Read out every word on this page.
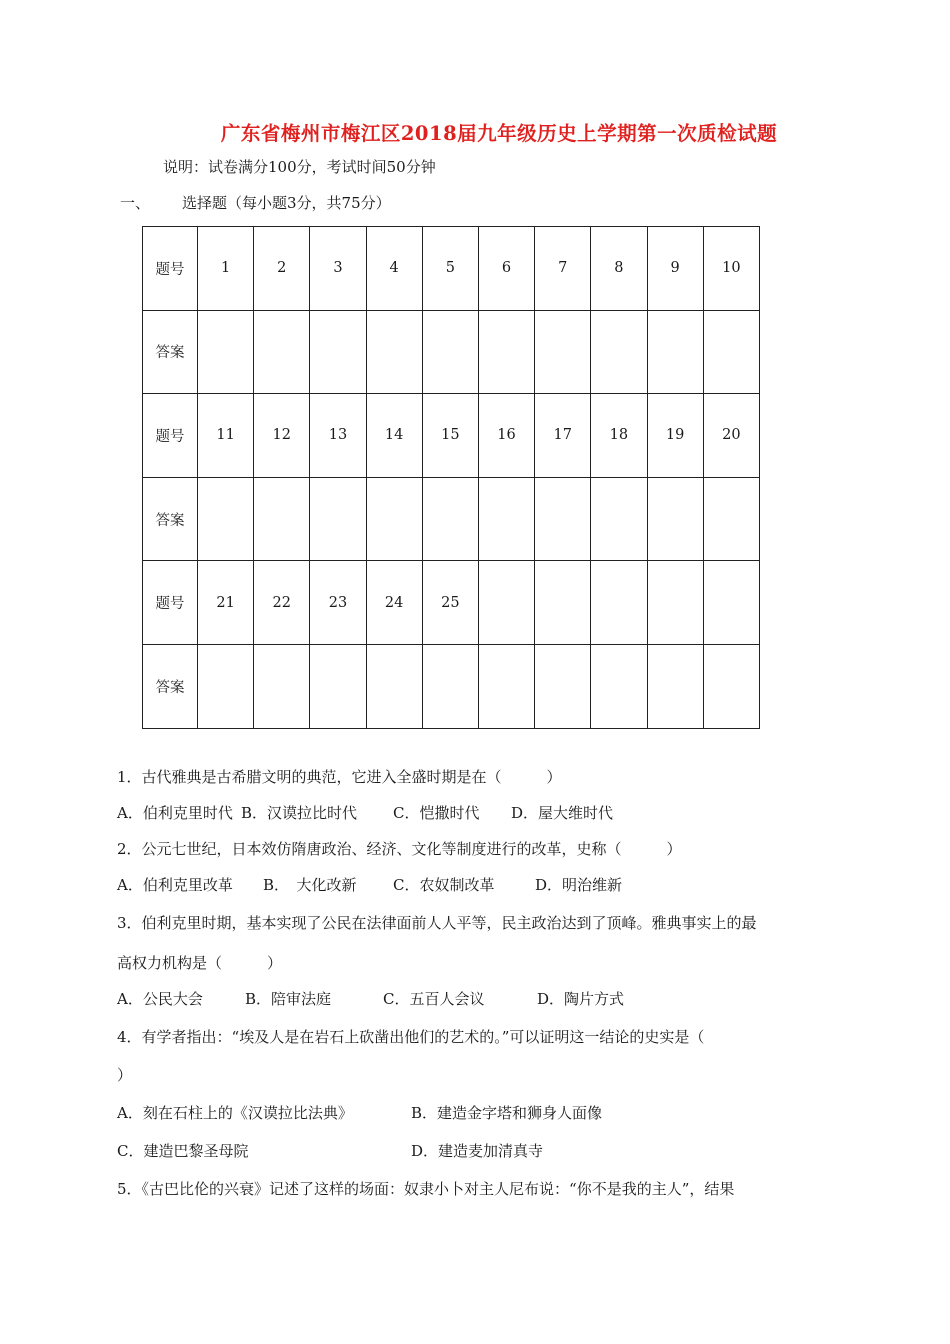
广东省梅州市梅江区2018届九年级历史上学期第一次质检试题
说明：试卷满分100分，考试时间50分钟
一、 选择题（每小题3分，共75分）
题号	1	2	3	4	5	6	7	8	9	10
答案										
题号	11	12	13	14	15	16	17	18	19	20
答案										
题号	21	22	23	24	25					
答案										
1．古代雅典是古希腊文明的典范，它进入全盛时期是在（　　　）
A．伯利克里时代 B．汉谟拉比时代 C．恺撒时代 D．屋大维时代
2．公元七世纪，日本效仿隋唐政治、经济、文化等制度进行的改革，史称（　　　）
A．伯利克里改革 B．　大化改新 C．农奴制改革	D．明治维新
3．伯利克里时期，基本实现了公民在法律面前人人平等，民主政治达到了顶峰。雅典事实上的最
高权力机构是（　　　）
A．公民大会	B．陪审法庭	C．五百人会议	D．陶片方式
4．有学者指出：“埃及人是在岩石上砍凿出他们的艺术的。”可以证明这一结论的史实是（
）
A．刻在石柱上的《汉谟拉比法典》	B．建造金字塔和狮身人面像
C．建造巴黎圣母院	D．建造麦加清真寺
5．《古巴比伦的兴衰》记述了这样的场面：奴隶小卜对主人尼布说：“你不是我的主人”，结果
